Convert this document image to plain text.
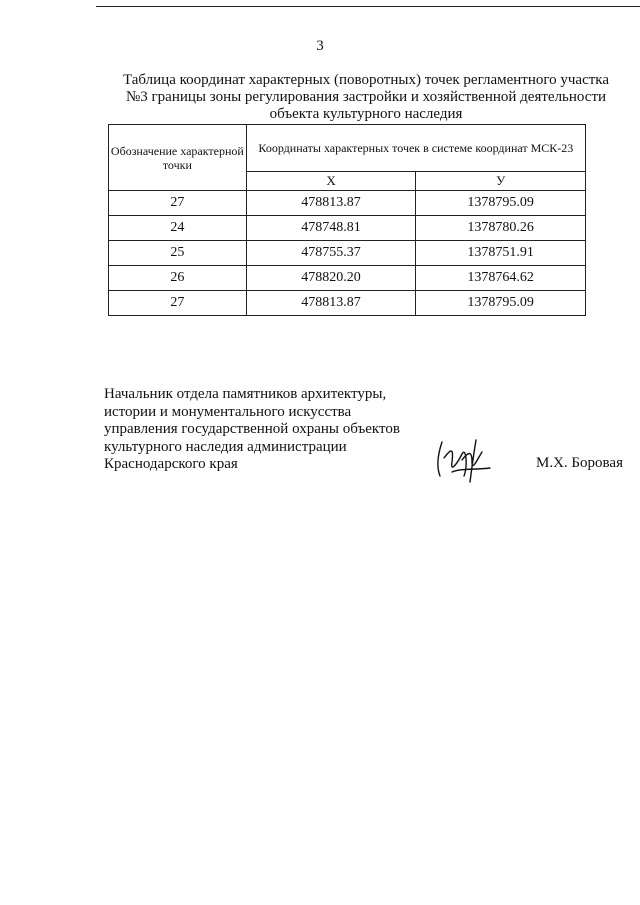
3
Таблица координат характерных (поворотных) точек регламентного участка
№3 границы зоны регулирования застройки и хозяйственной деятельности
объекта культурного наследия
Обозначение характерной точки	Координаты характерных точек в системе координат МСК-23	
	X	У
27	478813.87	1378795.09
24	478748.81	1378780.26
25	478755.37	1378751.91
26	478820.20	1378764.62
27	478813.87	1378795.09
Начальник отдела памятников архитектуры,
истории и монументального искусства
управления государственной охраны объектов
культурного наследия администрации
Краснодарского края	М.Х. Боровая
